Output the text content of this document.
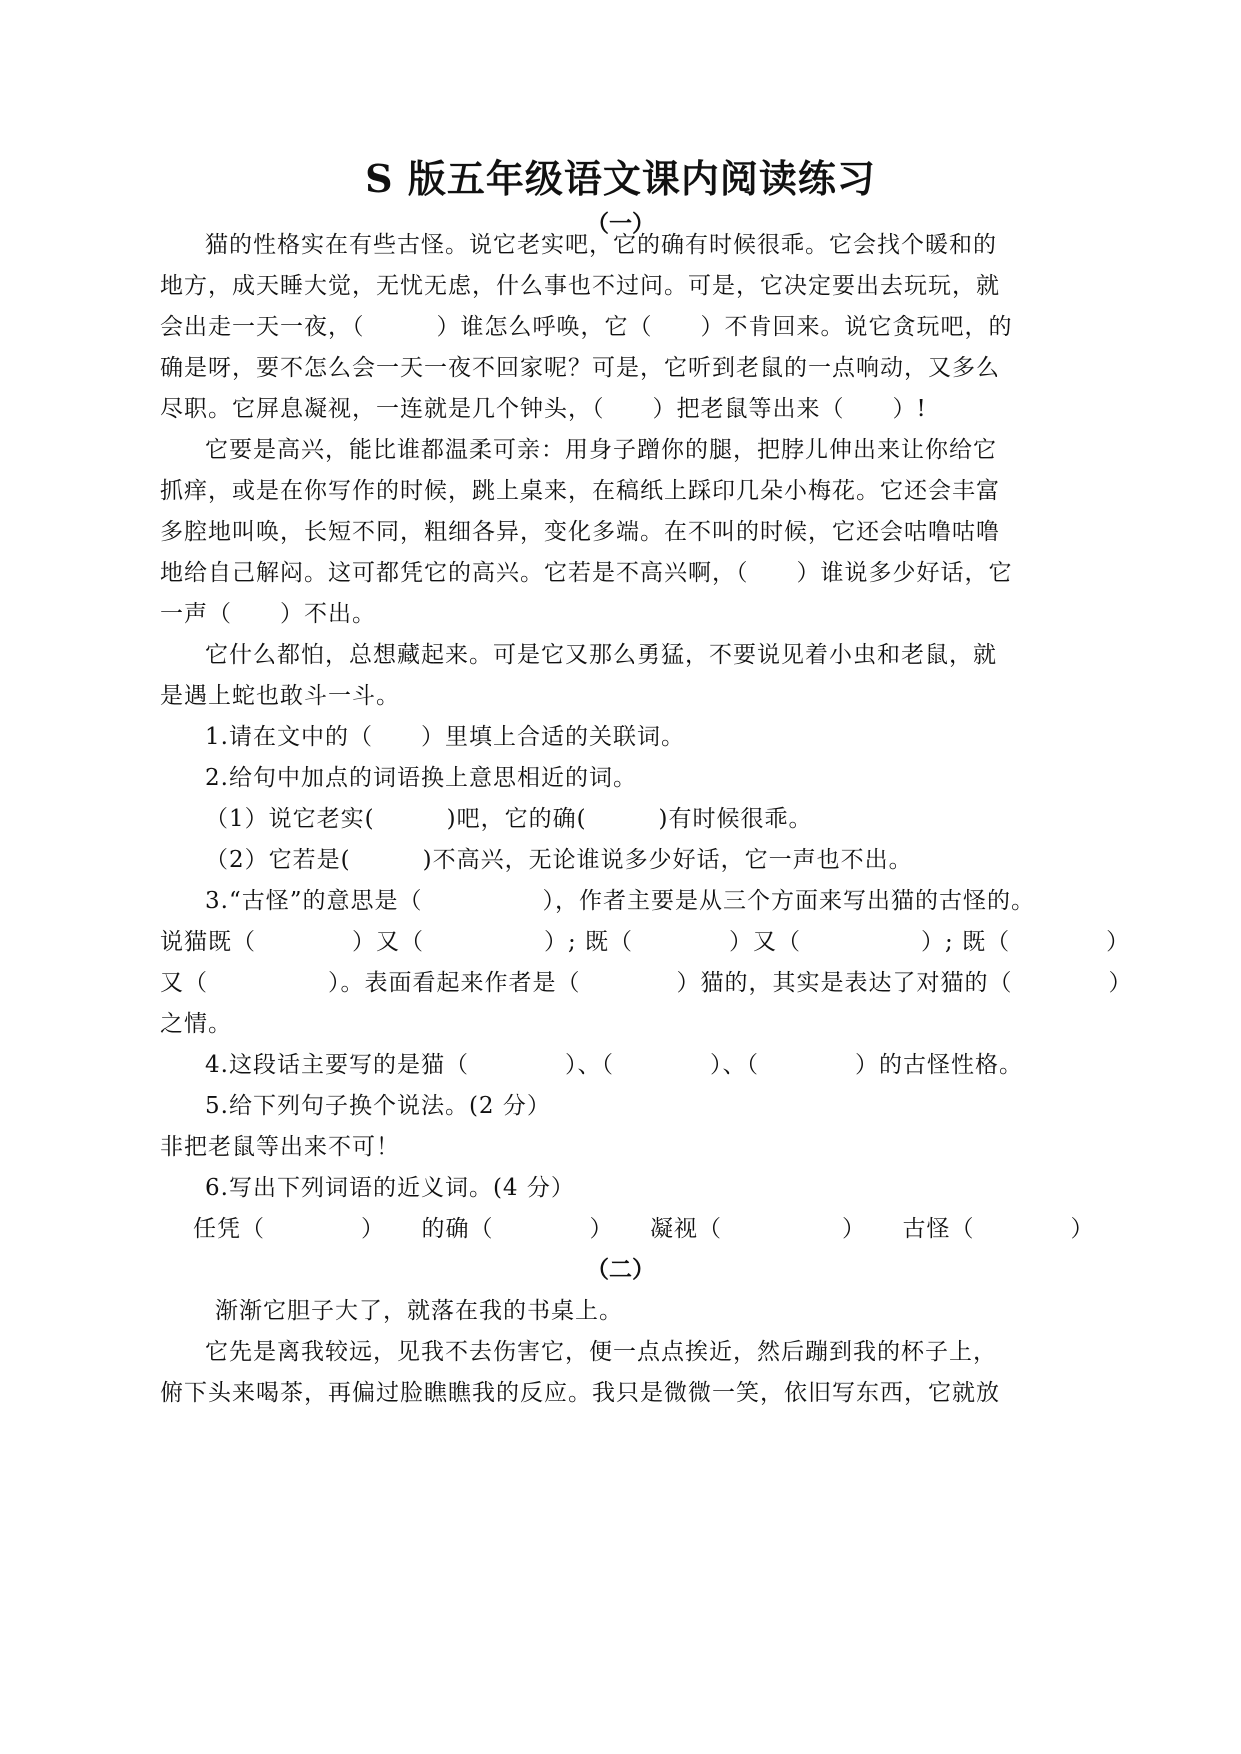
S 版五年级语文课内阅读练习
（一）
猫的性格实在有些古怪。说它老实吧，它的确有时候很乖。它会找个暖和的
地方，成天睡大觉，无忧无虑，什么事也不过问。可是，它决定要出去玩玩，就
会出走一天一夜，（　　　）谁怎么呼唤，它（　　）不肯回来。说它贪玩吧，的
确是呀，要不怎么会一天一夜不回家呢？可是，它听到老鼠的一点响动，又多么
尽职。它屏息凝视，一连就是几个钟头，（　　）把老鼠等出来（　　）!
它要是高兴，能比谁都温柔可亲：用身子蹭你的腿，把脖儿伸出来让你给它
抓痒，或是在你写作的时候，跳上桌来，在稿纸上踩印几朵小梅花。它还会丰富
多腔地叫唤，长短不同，粗细各异，变化多端。在不叫的时候，它还会咕噜咕噜
地给自己解闷。这可都凭它的高兴。它若是不高兴啊，（　　）谁说多少好话，它
一声（　　）不出。
它什么都怕，总想藏起来。可是它又那么勇猛，不要说见着小虫和老鼠，就
是遇上蛇也敢斗一斗。
1.请在文中的（　　）里填上合适的关联词。
2.给句中加点的词语换上意思相近的词。
（1）说它老实(　　　)吧，它的确(　　　)有时候很乖。
（2）它若是(　　　)不高兴，无论谁说多少好话，它一声也不出。
3.“古怪”的意思是（　　　　　），作者主要是从三个方面来写出猫的古怪的。
说猫既（　　　　）又（　　　　　）; 既（　　　　）又（　　　　　）; 既（　　　　）
又（　　　　　）。表面看起来作者是（　　　　）猫的，其实是表达了对猫的（　　　　）
之情。
4.这段话主要写的是猫（　　　　）、（　　　　）、（　　　　）的古怪性格。
5.给下列句子换个说法。(2 分）
非把老鼠等出来不可！
6.写出下列词语的近义词。(4 分）
任凭（　　　　）　　的确（　　　　）　　凝视（　　　　　）　　古怪（　　　　）
（二）
渐渐它胆子大了，就落在我的书桌上。
它先是离我较远，见我不去伤害它，便一点点挨近，然后蹦到我的杯子上，
俯下头来喝茶，再偏过脸瞧瞧我的反应。我只是微微一笑，依旧写东西，它就放
